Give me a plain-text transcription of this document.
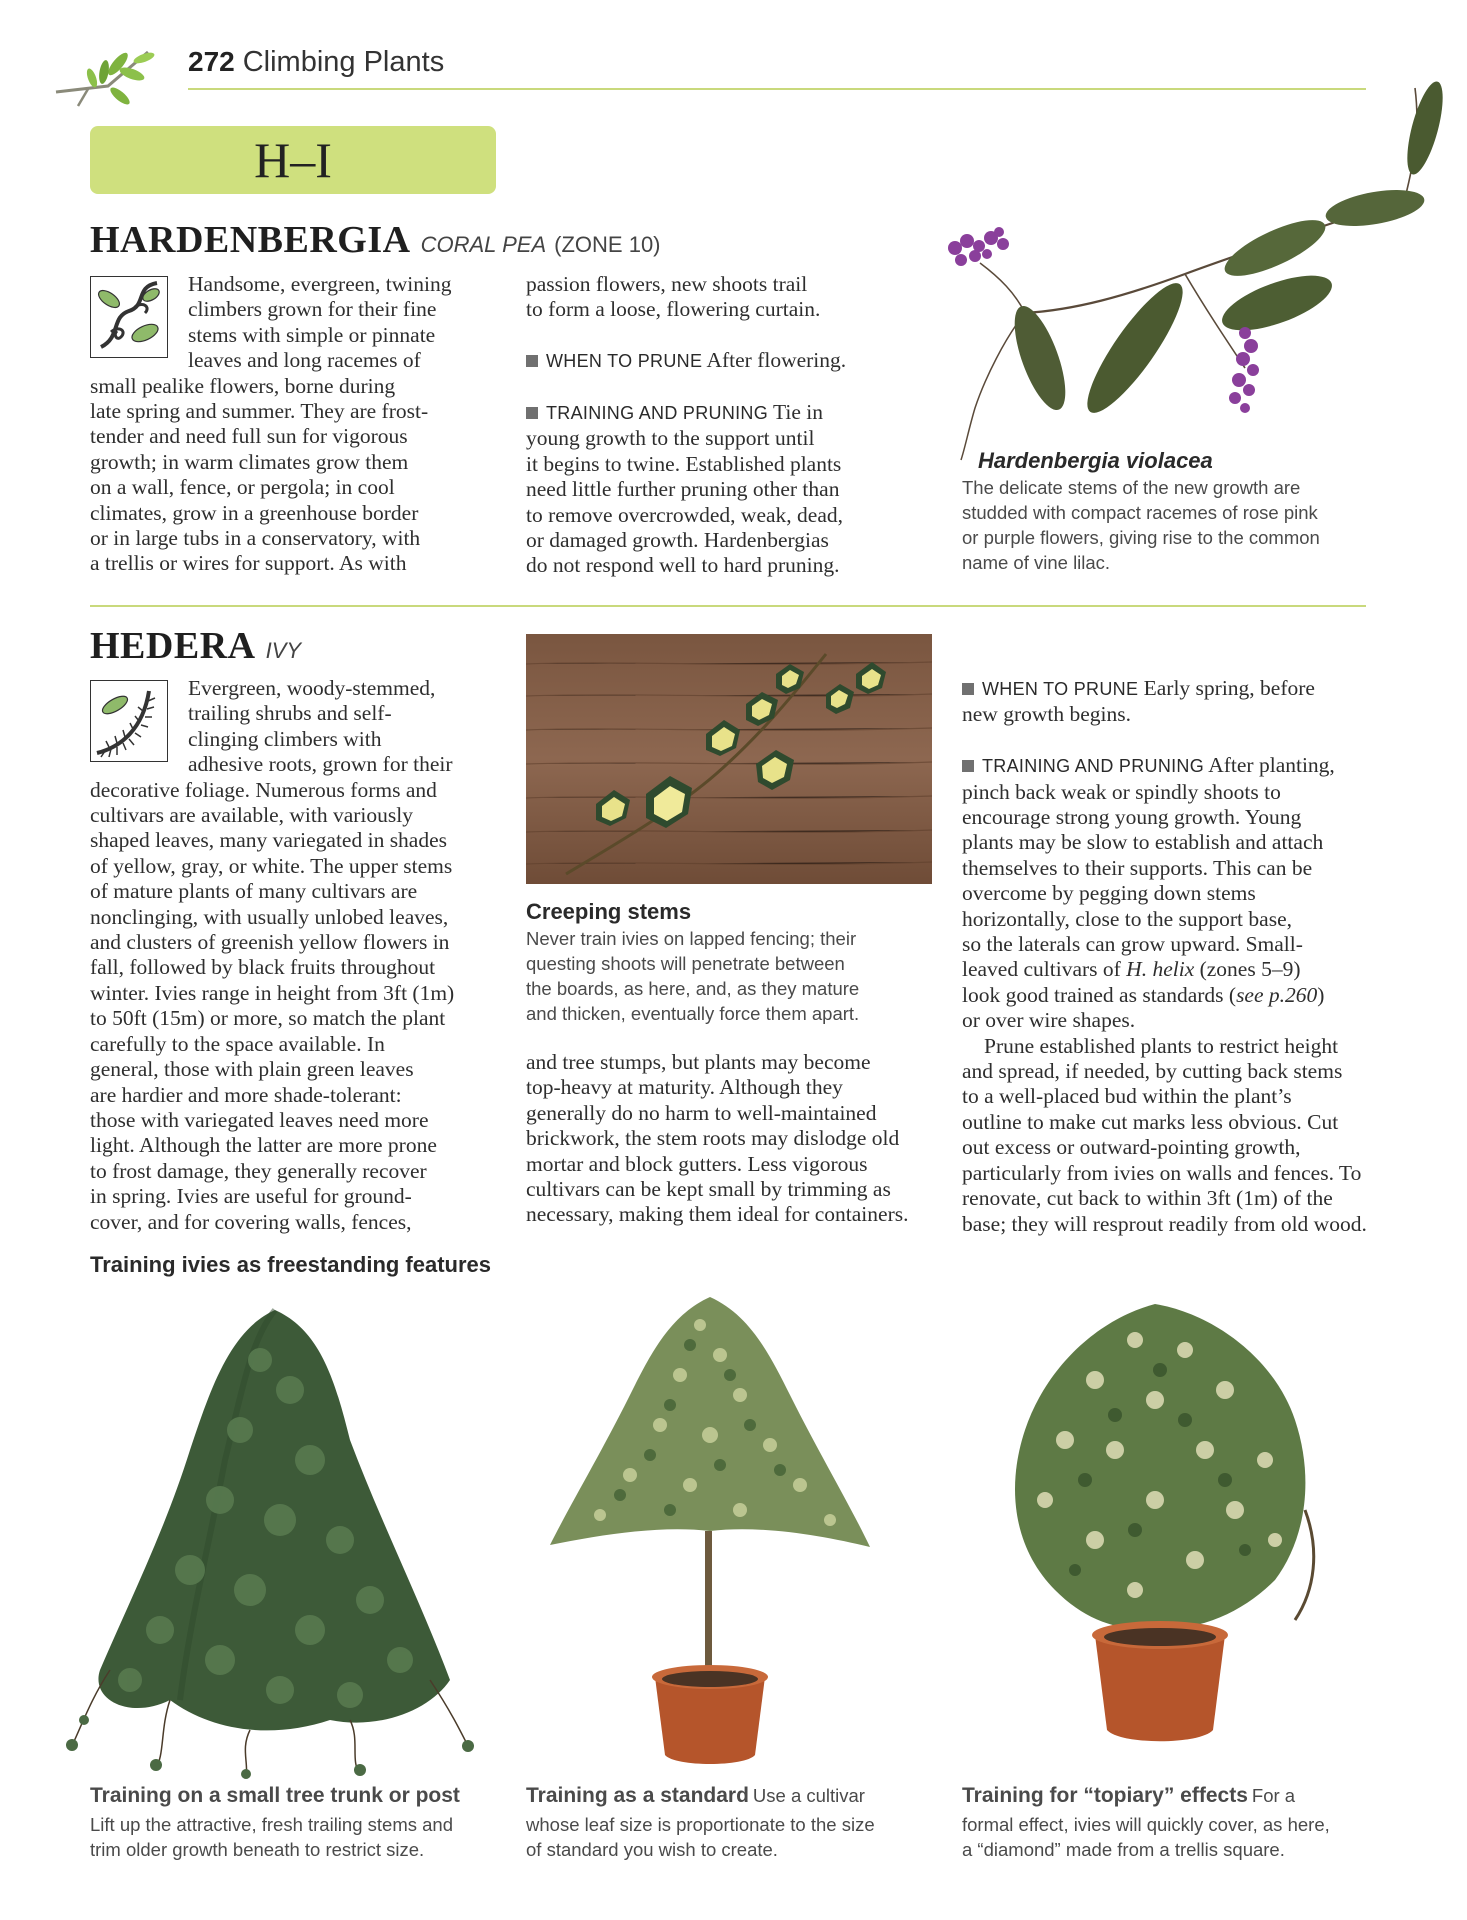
272 Climbing Plants
H–I
HARDENBERGIA CORAL PEA (ZONE 10)

Handsome, evergreen, twining

climbers grown for their fine

stems with simple or pinnate

leaves and long racemes of

small pealike flowers, borne during

late spring and summer. They are frost-

tender and need full sun for vigorous

growth; in warm climates grow them

on a wall, fence, or pergola; in cool

climates, grow in a greenhouse border

or in large tubs in a conservatory, with

a trellis or wires for support. As with

passion flowers, new shoots trail

to form a loose, flowering curtain.

WHEN TO PRUNE After flowering.

TRAINING AND PRUNING Tie in

young growth to the support until

it begins to twine. Established plants

need little further pruning other than

to remove overcrowded, weak, dead,

or damaged growth. Hardenbergias

do not respond well to hard pruning.

Hardenbergia violacea

The delicate stems of the new growth are

studded with compact racemes of rose pink

or purple flowers, giving rise to the common

name of vine lilac.

HEDERA IVY

Evergreen, woody-stemmed,

trailing shrubs and self-

clinging climbers with

adhesive roots, grown for their

decorative foliage. Numerous forms and

cultivars are available, with variously

shaped leaves, many variegated in shades

of yellow, gray, or white. The upper stems

of mature plants of many cultivars are

nonclinging, with usually unlobed leaves,

and clusters of greenish yellow flowers in

fall, followed by black fruits throughout

winter. Ivies range in height from 3ft (1m)

to 50ft (15m) or more, so match the plant

carefully to the space available. In

general, those with plain green leaves

are hardier and more shade-tolerant:

those with variegated leaves need more

light. Although the latter are more prone

to frost damage, they generally recover

in spring. Ivies are useful for ground-

cover, and for covering walls, fences,

Creeping stems

Never train ivies on lapped fencing; their

questing shoots will penetrate between

the boards, as here, and, as they mature

and thicken, eventually force them apart.

and tree stumps, but plants may become

top-heavy at maturity. Although they

generally do no harm to well-maintained

brickwork, the stem roots may dislodge old

mortar and block gutters. Less vigorous

cultivars can be kept small by trimming as

necessary, making them ideal for containers.

WHEN TO PRUNE Early spring, before

new growth begins.

TRAINING AND PRUNING After planting,

pinch back weak or spindly shoots to

encourage strong young growth. Young

plants may be slow to establish and attach

themselves to their supports. This can be

overcome by pegging down stems

horizontally, close to the support base,

so the laterals can grow upward. Small-

leaved cultivars of H. helix (zones 5–9)

look good trained as standards (see p.260)

or over wire shapes.

Prune established plants to restrict height

and spread, if needed, by cutting back stems

to a well-placed bud within the plant’s

outline to make cut marks less obvious. Cut

out excess or outward-pointing growth,

particularly from ivies on walls and fences. To

renovate, cut back to within 3ft (1m) of the

base; they will resprout readily from old wood.

Training ivies as freestanding features

Training on a small tree trunk or post

Lift up the attractive, fresh trailing stems and

trim older growth beneath to restrict size.

Training as a standard Use a cultivar

whose leaf size is proportionate to the size

of standard you wish to create.

Training for “topiary” effects For a

formal effect, ivies will quickly cover, as here,

a “diamond” made from a trellis square.
